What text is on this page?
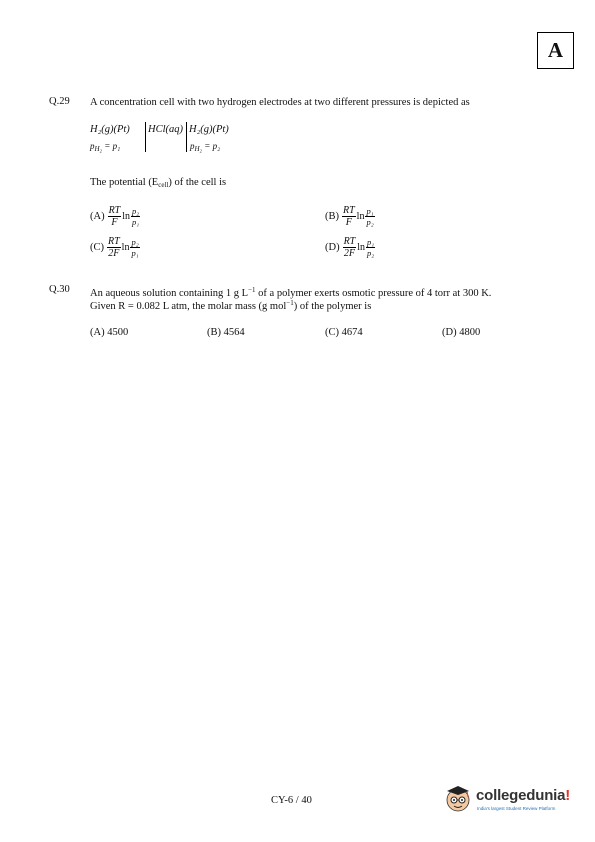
A
Q.29 A concentration cell with two hydrogen electrodes at two different pressures is depicted as
H₂(g)(Pt) HCl(aq) H₂(g)(Pt)
$p_{H_2} = p_1$	$p_{H_2} = p_2$
The potential (Ecell) of the cell is
$(A) \frac{RT}{F}$ $\ln \frac{\text{p₂}}{\text{p₁}}$	$(B) \frac{RT}{F}$ $\ln \frac{\text{p₁}}{\text{p₂}}$
$(C) \frac{RT}{2F}$ $\ln \frac{\text{p₂}}{\text{p₁}}$	$(D) \frac{RT}{2F}$ $\ln \frac{\text{p₁}}{\text{p₂}}$
Q.30 An aqueous solution containing 1 g $L^{-1}$ of a polymer exerts osmotic pressure of 4 torr at 300 K.
Given R = 0.082 L atm, the molar mass (g mol$^{-1}$) of the polymer is
(A) 4500	(B) 4564	(C) 4674	(D) 4800
CY-6 / 40	collegedunia!
India's largest Student Review Platform
